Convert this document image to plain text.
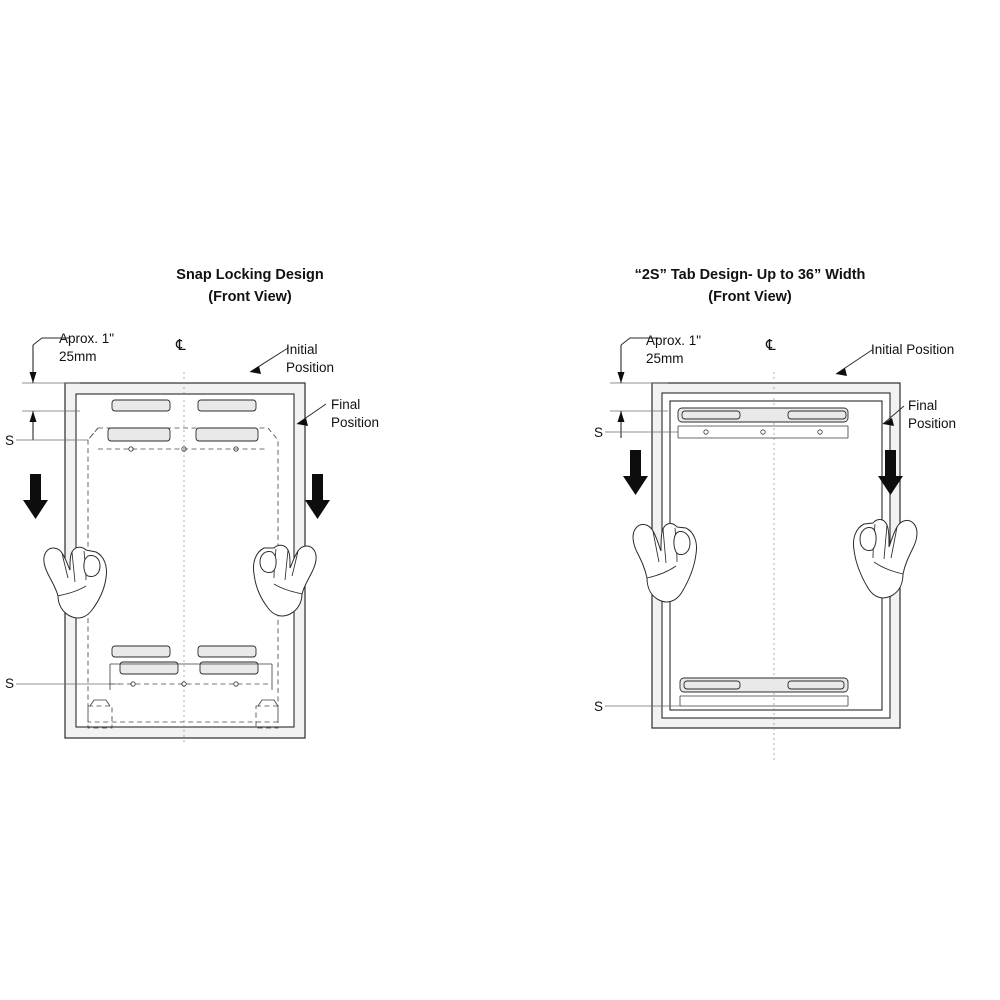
Snap Locking Design
(Front View)
Aprox. 1"
25mm
℄	Initial
Position
Final
Position
S
S
“2S” Tab Design- Up to 36” Width
(Front View)
Aprox. 1"
25mm
℄	Initial Position
Final
Position
S
S
